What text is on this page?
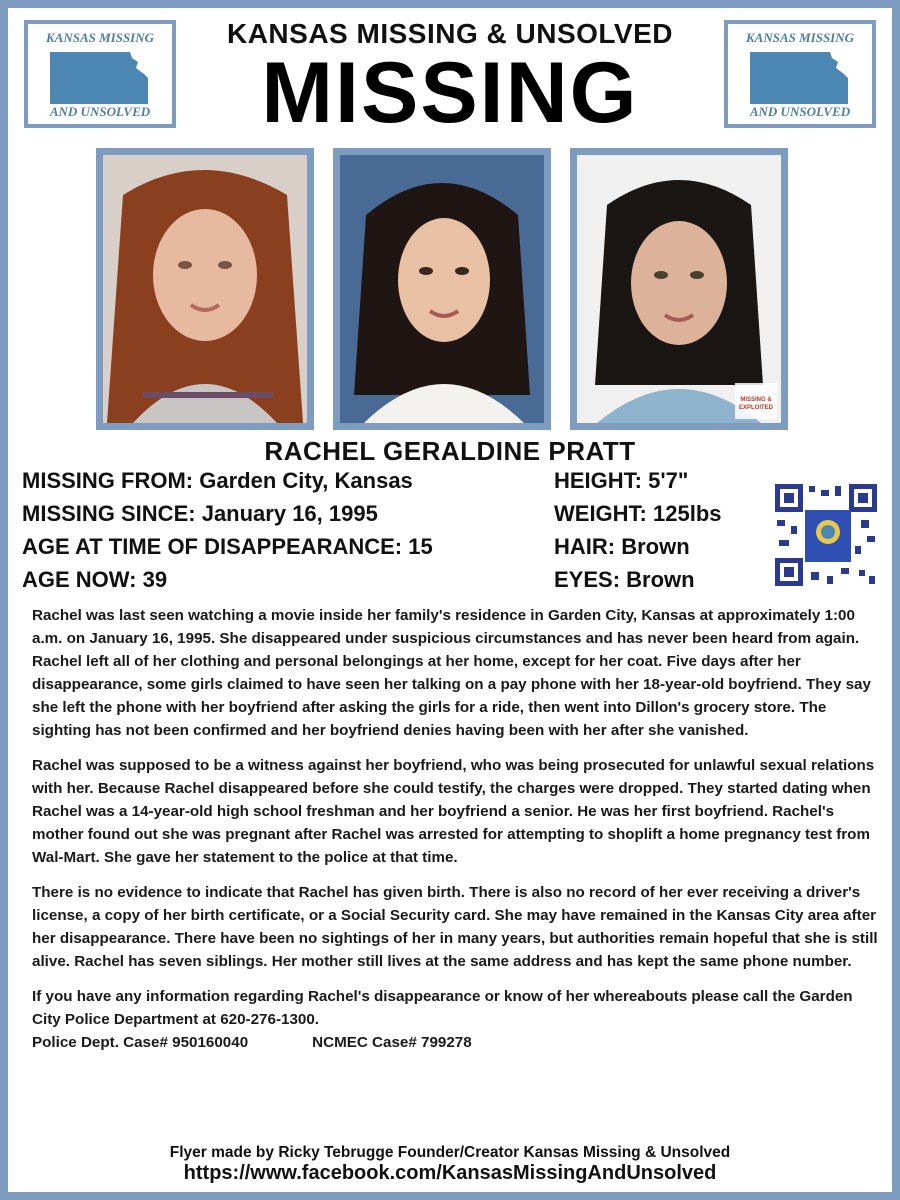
KANSAS MISSING
AND UNSOLVED
KANSAS MISSING
AND UNSOLVED
KANSAS MISSING & UNSOLVED
MISSING
MISSING &
EXPLOITED
RACHEL GERALDINE PRATT
MISSING FROM: Garden City, Kansas
MISSING SINCE: January 16, 1995
AGE AT TIME OF DISAPPEARANCE: 15
AGE NOW: 39
HEIGHT: 5'7"
WEIGHT: 125lbs
HAIR: Brown
EYES: Brown

Rachel was last seen watching a movie inside her family's residence in Garden City, Kansas at approximately 1:00 a.m. on January 16, 1995. She disappeared under suspicious circumstances and has never been heard from again. Rachel left all of her clothing and personal belongings at her home, except for her coat. Five days after her disappearance, some girls claimed to have seen her talking on a pay phone with her 18-year-old boyfriend. They say she left the phone with her boyfriend after asking the girls for a ride, then went into Dillon's grocery store. The sighting has not been confirmed and her boyfriend denies having been with her after she vanished.

Rachel was supposed to be a witness against her boyfriend, who was being prosecuted for unlawful sexual relations with her. Because Rachel disappeared before she could testify, the charges were dropped. They started dating when Rachel was a 14-year-old high school freshman and her boyfriend a senior. He was her first boyfriend. Rachel's mother found out she was pregnant after Rachel was arrested for attempting to shoplift a home pregnancy test from Wal-Mart. She gave her statement to the police at that time.

There is no evidence to indicate that Rachel has given birth. There is also no record of her ever receiving a driver's license, a copy of her birth certificate, or a Social Security card. She may have remained in the Kansas City area after her disappearance. There have been no sightings of her in many years, but authorities remain hopeful that she is still alive. Rachel has seven siblings. Her mother still lives at the same address and has kept the same phone number.

If you have any information regarding Rachel's disappearance or know of her whereabouts please call the Garden City Police Department at 620-276-1300.

Police Dept. Case# 950160040	NCMEC Case# 799278
Flyer made by Ricky Tebrugge Founder/Creator Kansas Missing & Unsolved
https://www.facebook.com/KansasMissingAndUnsolved
